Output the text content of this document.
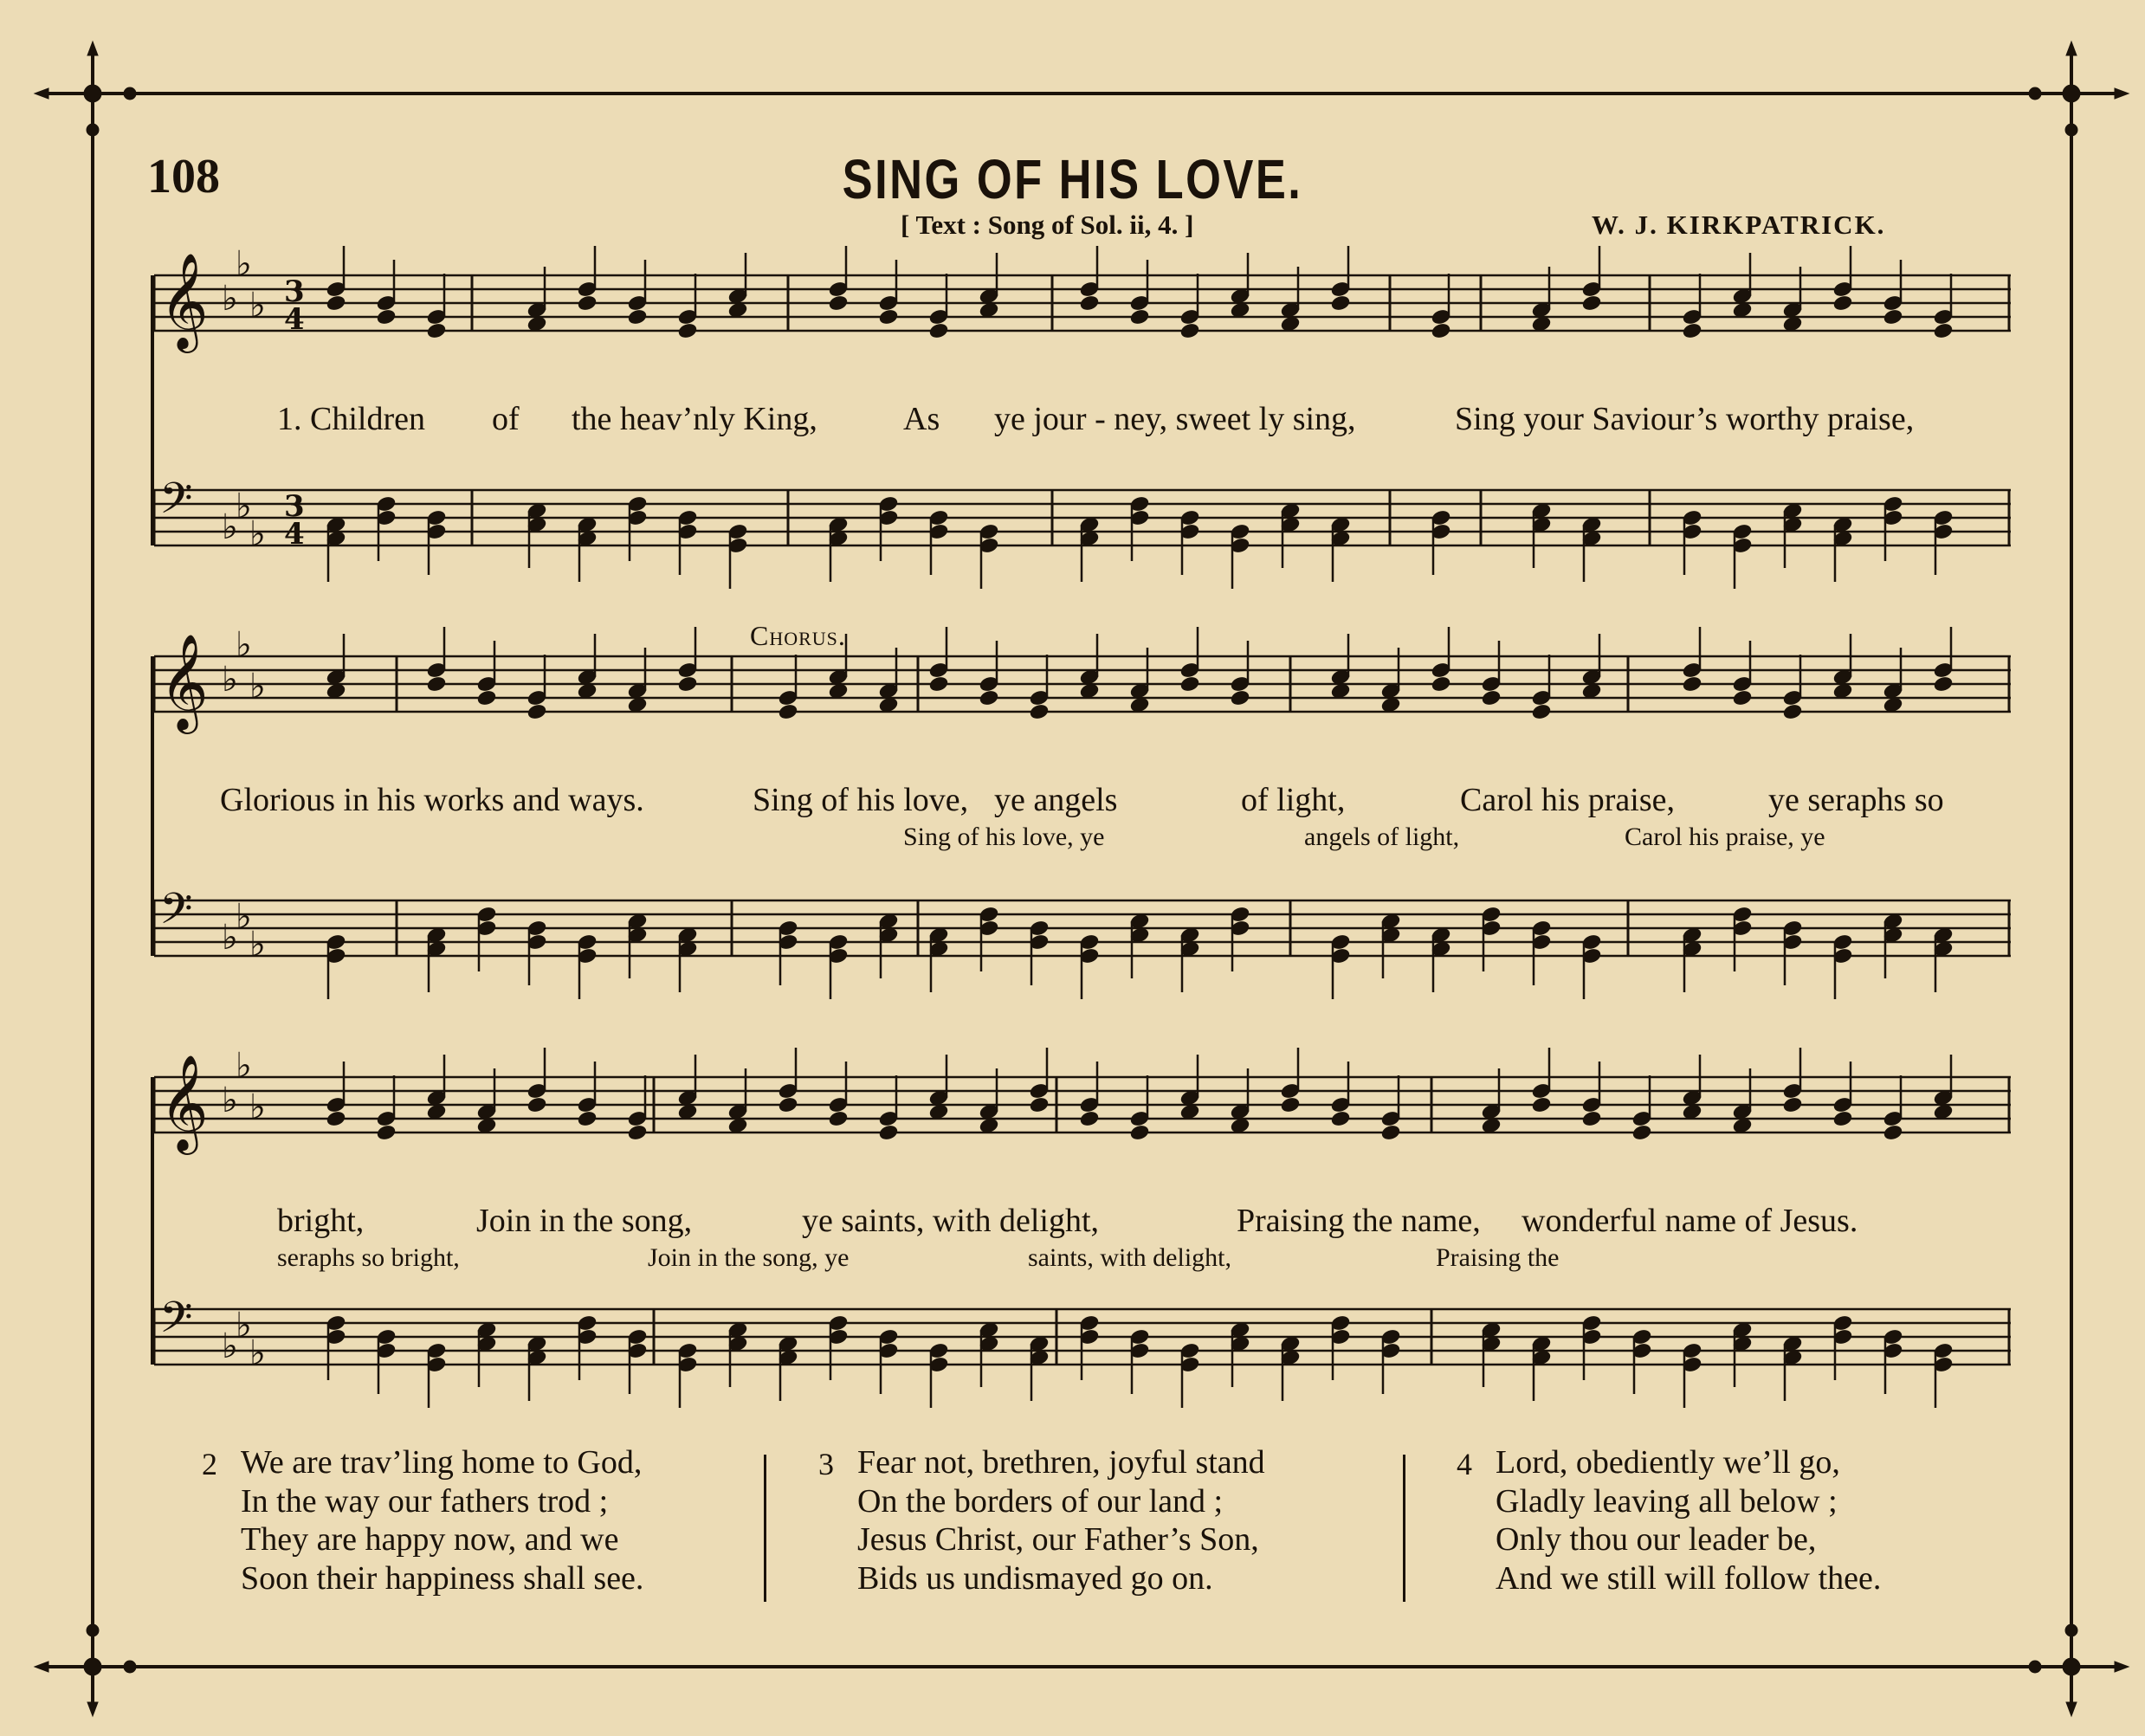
108	SING OF HIS LOVE.
[ Text : Song of Sol. ii, 4. ]	W. J. KIRKPATRICK.
𝄞 ♭
♭
♭ 3
4
𝄢 ♭
♭
♭
3
4
𝄞 ♭
♭
♭
𝄢 ♭
♭
♭
𝄞 ♭
♭
♭
𝄢 ♭
♭
♭
1. Children of the heav’nly King,	As ye jour - ney, sweet ly sing,	Sing your Saviour’s worthy praise,
Chorus.
Glorious in his works and ways.	Sing of his love, ye angels	of light,	Carol his praise,	ye seraphs so
Sing of his love, ye	angels of light,	Carol his praise, ye
bright,	Join in the song,	ye saints, with delight,	Praising the name, wonderful name of Jesus.
seraphs so bright,	Join in the song, ye	saints, with delight,	Praising the
2 We are trav’ling home to God,
In the way our fathers trod ;
They are happy now, and we
Soon their happiness shall see.
3 Fear not, brethren, joyful stand
On the borders of our land ;
Jesus Christ, our Father’s Son,
Bids us undismayed go on.
4 Lord, obediently we’ll go,
Gladly leaving all below ;
Only thou our leader be,
And we still will follow thee.
